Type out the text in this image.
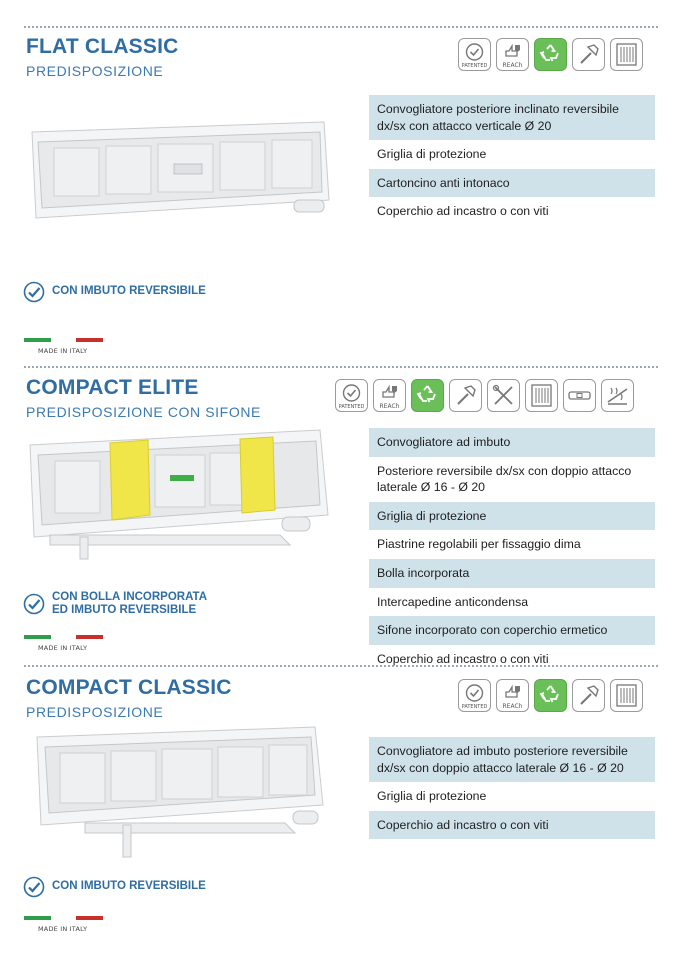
FLAT CLASSIC
PREDISPOSIZIONE	PATENTED	REACh
Convogliatore posteriore inclinato reversibile dx/sx con attacco verticale Ø 20
Griglia di protezione
Cartoncino anti intonaco
Coperchio ad incastro o con viti
CON IMBUTO REVERSIBILE
MADE IN ITALY
COMPACT ELITE
PREDISPOSIZIONE CON SIFONE	PATENTED	REACh
Convogliatore ad imbuto
Posteriore reversibile dx/sx con doppio attacco laterale Ø 16 - Ø 20
Griglia di protezione
Piastrine regolabili per fissaggio dima
Bolla incorporata
Intercapedine anticondensa
Sifone incorporato con coperchio ermetico
Coperchio ad incastro o con viti
CON BOLLA INCORPORATA
ED IMBUTO REVERSIBILE
MADE IN ITALY
COMPACT CLASSIC
PREDISPOSIZIONE	PATENTED	REACh
Convogliatore ad imbuto posteriore reversibile dx/sx con doppio attacco laterale Ø 16 - Ø 20
Griglia di protezione
Coperchio ad incastro o con viti
CON IMBUTO REVERSIBILE
MADE IN ITALY
